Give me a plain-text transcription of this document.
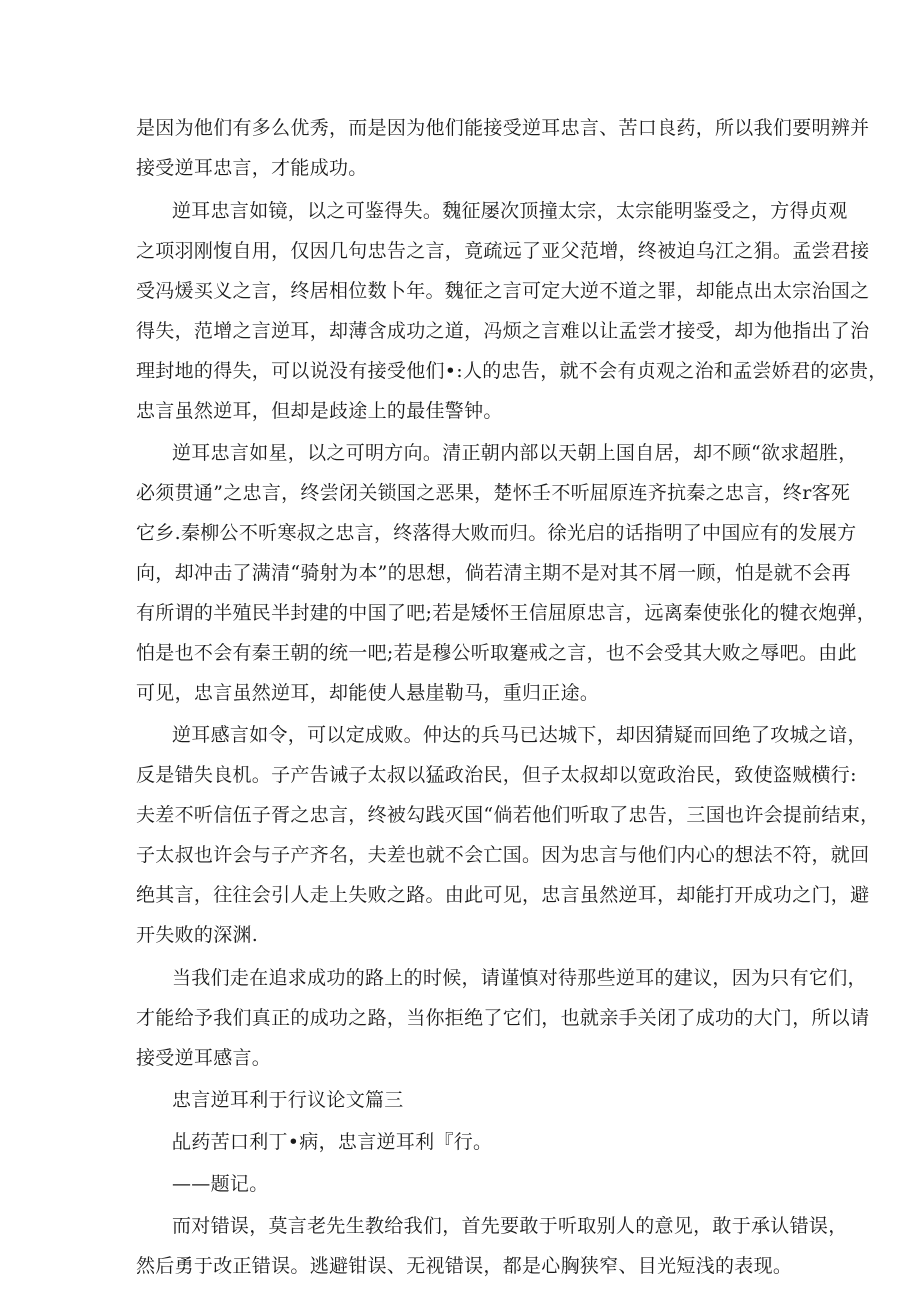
是因为他们有多么优秀，而是因为他们能接受逆耳忠言、苦口良药，所以我们要明辨并
接受逆耳忠言，才能成功。
逆耳忠言如镜，以之可鉴得失。魏征屡次顶撞太宗，太宗能明鉴受之，方得贞观
之项羽刚愎自用，仅因几句忠告之言，竟疏远了亚父范增，终被迫乌江之狷。孟尝君接
受冯煖买义之言，终居相位数卜年。魏征之言可定大逆不道之罪，却能点出太宗治国之
得失，范增之言逆耳，却薄含成功之道，冯烦之言难以让孟尝才接受，却为他指出了治
理封地的得失，可以说没有接受他们•:人的忠告，就不会有贞观之治和孟尝娇君的宓贵，
忠言虽然逆耳，但却是歧途上的最佳警钟。
逆耳忠言如星，以之可明方向。清正朝内部以天朝上国自居，却不顾“欲求超胜，
必须贯通”之忠言，终尝闭关锁国之恶果，楚怀壬不听屈原连齐抗秦之忠言，终r客死
它乡.秦柳公不听寒叔之忠言，终落得大败而归。徐光启的话指明了中国应有的发展方
向，却冲击了满清“骑射为本”的思想，倘若清主期不是对其不屑一顾，怕是就不会再
有所谓的半殖民半封建的中国了吧;若是矮怀王信屈原忠言，远离秦使张化的犍衣炮弹，
怕是也不会有秦王朝的统一吧;若是穆公听取蹇戒之言，也不会受其大败之辱吧。由此
可见，忠言虽然逆耳，却能使人悬崖勒马，重归正途。
逆耳感言如令，可以定成败。仲达的兵马已达城下，却因猜疑而回绝了攻城之谙，
反是错失良机。子产告诫子太叔以猛政治民，但子太叔却以宽政治民，致使盗贼横行:
夫差不听信伍子胥之忠言，终被勾践灭国“倘若他们听取了忠告，三国也许会提前结束，
子太叔也许会与子产齐名，夫差也就不会亡国。因为忠言与他们内心的想法不符，就回
绝其言，往往会引人走上失败之路。由此可见，忠言虽然逆耳，却能打开成功之门，避
开失败的深渊.
当我们走在追求成功的路上的时候，请谨慎对待那些逆耳的建议，因为只有它们，
才能给予我们真正的成功之路，当你拒绝了它们，也就亲手关闭了成功的大门，所以请
接受逆耳感言。
忠言逆耳利于行议论文篇三
乩药苦口利丁•病，忠言逆耳利『行。
——题记。
而对错误，莫言老先生教给我们，首先要敢于听取别人的意见，敢于承认错误，
然后勇于改正错误。逃避钳误、无视错误，都是心胸狭窄、目光短浅的表现。
